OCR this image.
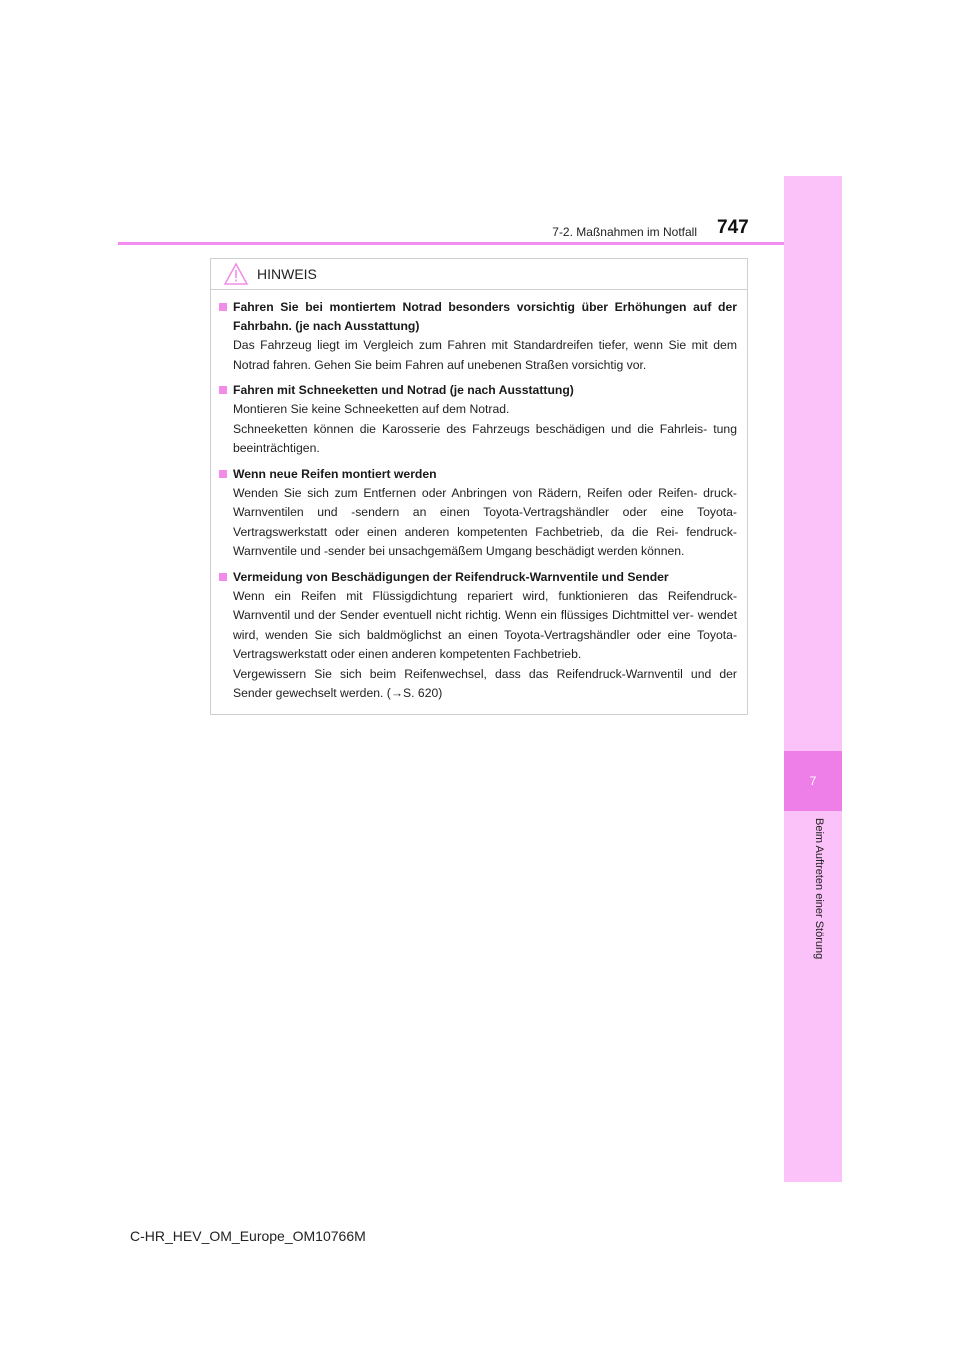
7
Beim Auftreten einer Störung
7-2. Maßnahmen im Notfall 747
HINWEIS
Fahren Sie bei montiertem Notrad besonders vorsichtig über Erhöhungen auf der Fahrbahn. (je nach Ausstattung)
Das Fahrzeug liegt im Vergleich zum Fahren mit Standardreifen tiefer, wenn Sie mit dem Notrad fahren. Gehen Sie beim Fahren auf unebenen Straßen vorsichtig vor.
Fahren mit Schneeketten und Notrad (je nach Ausstattung)
Montieren Sie keine Schneeketten auf dem Notrad.
Schneeketten können die Karosserie des Fahrzeugs beschädigen und die Fahrleis- tung beeinträchtigen.
Wenn neue Reifen montiert werden
Wenden Sie sich zum Entfernen oder Anbringen von Rädern, Reifen oder Reifen- druck-Warnventilen und -sendern an einen Toyota-Vertragshändler oder eine Toyota-Vertragswerkstatt oder einen anderen kompetenten Fachbetrieb, da die Rei- fendruck-Warnventile und -sender bei unsachgemäßem Umgang beschädigt werden können.
Vermeidung von Beschädigungen der Reifendruck-Warnventile und Sender
Wenn ein Reifen mit Flüssigdichtung repariert wird, funktionieren das Reifendruck- Warnventil und der Sender eventuell nicht richtig. Wenn ein flüssiges Dichtmittel ver- wendet wird, wenden Sie sich baldmöglichst an einen Toyota-Vertragshändler oder eine Toyota-Vertragswerkstatt oder einen anderen kompetenten Fachbetrieb.
Vergewissern Sie sich beim Reifenwechsel, dass das Reifendruck-Warnventil und der Sender gewechselt werden. (→S. 620)
C-HR_HEV_OM_Europe_OM10766M
